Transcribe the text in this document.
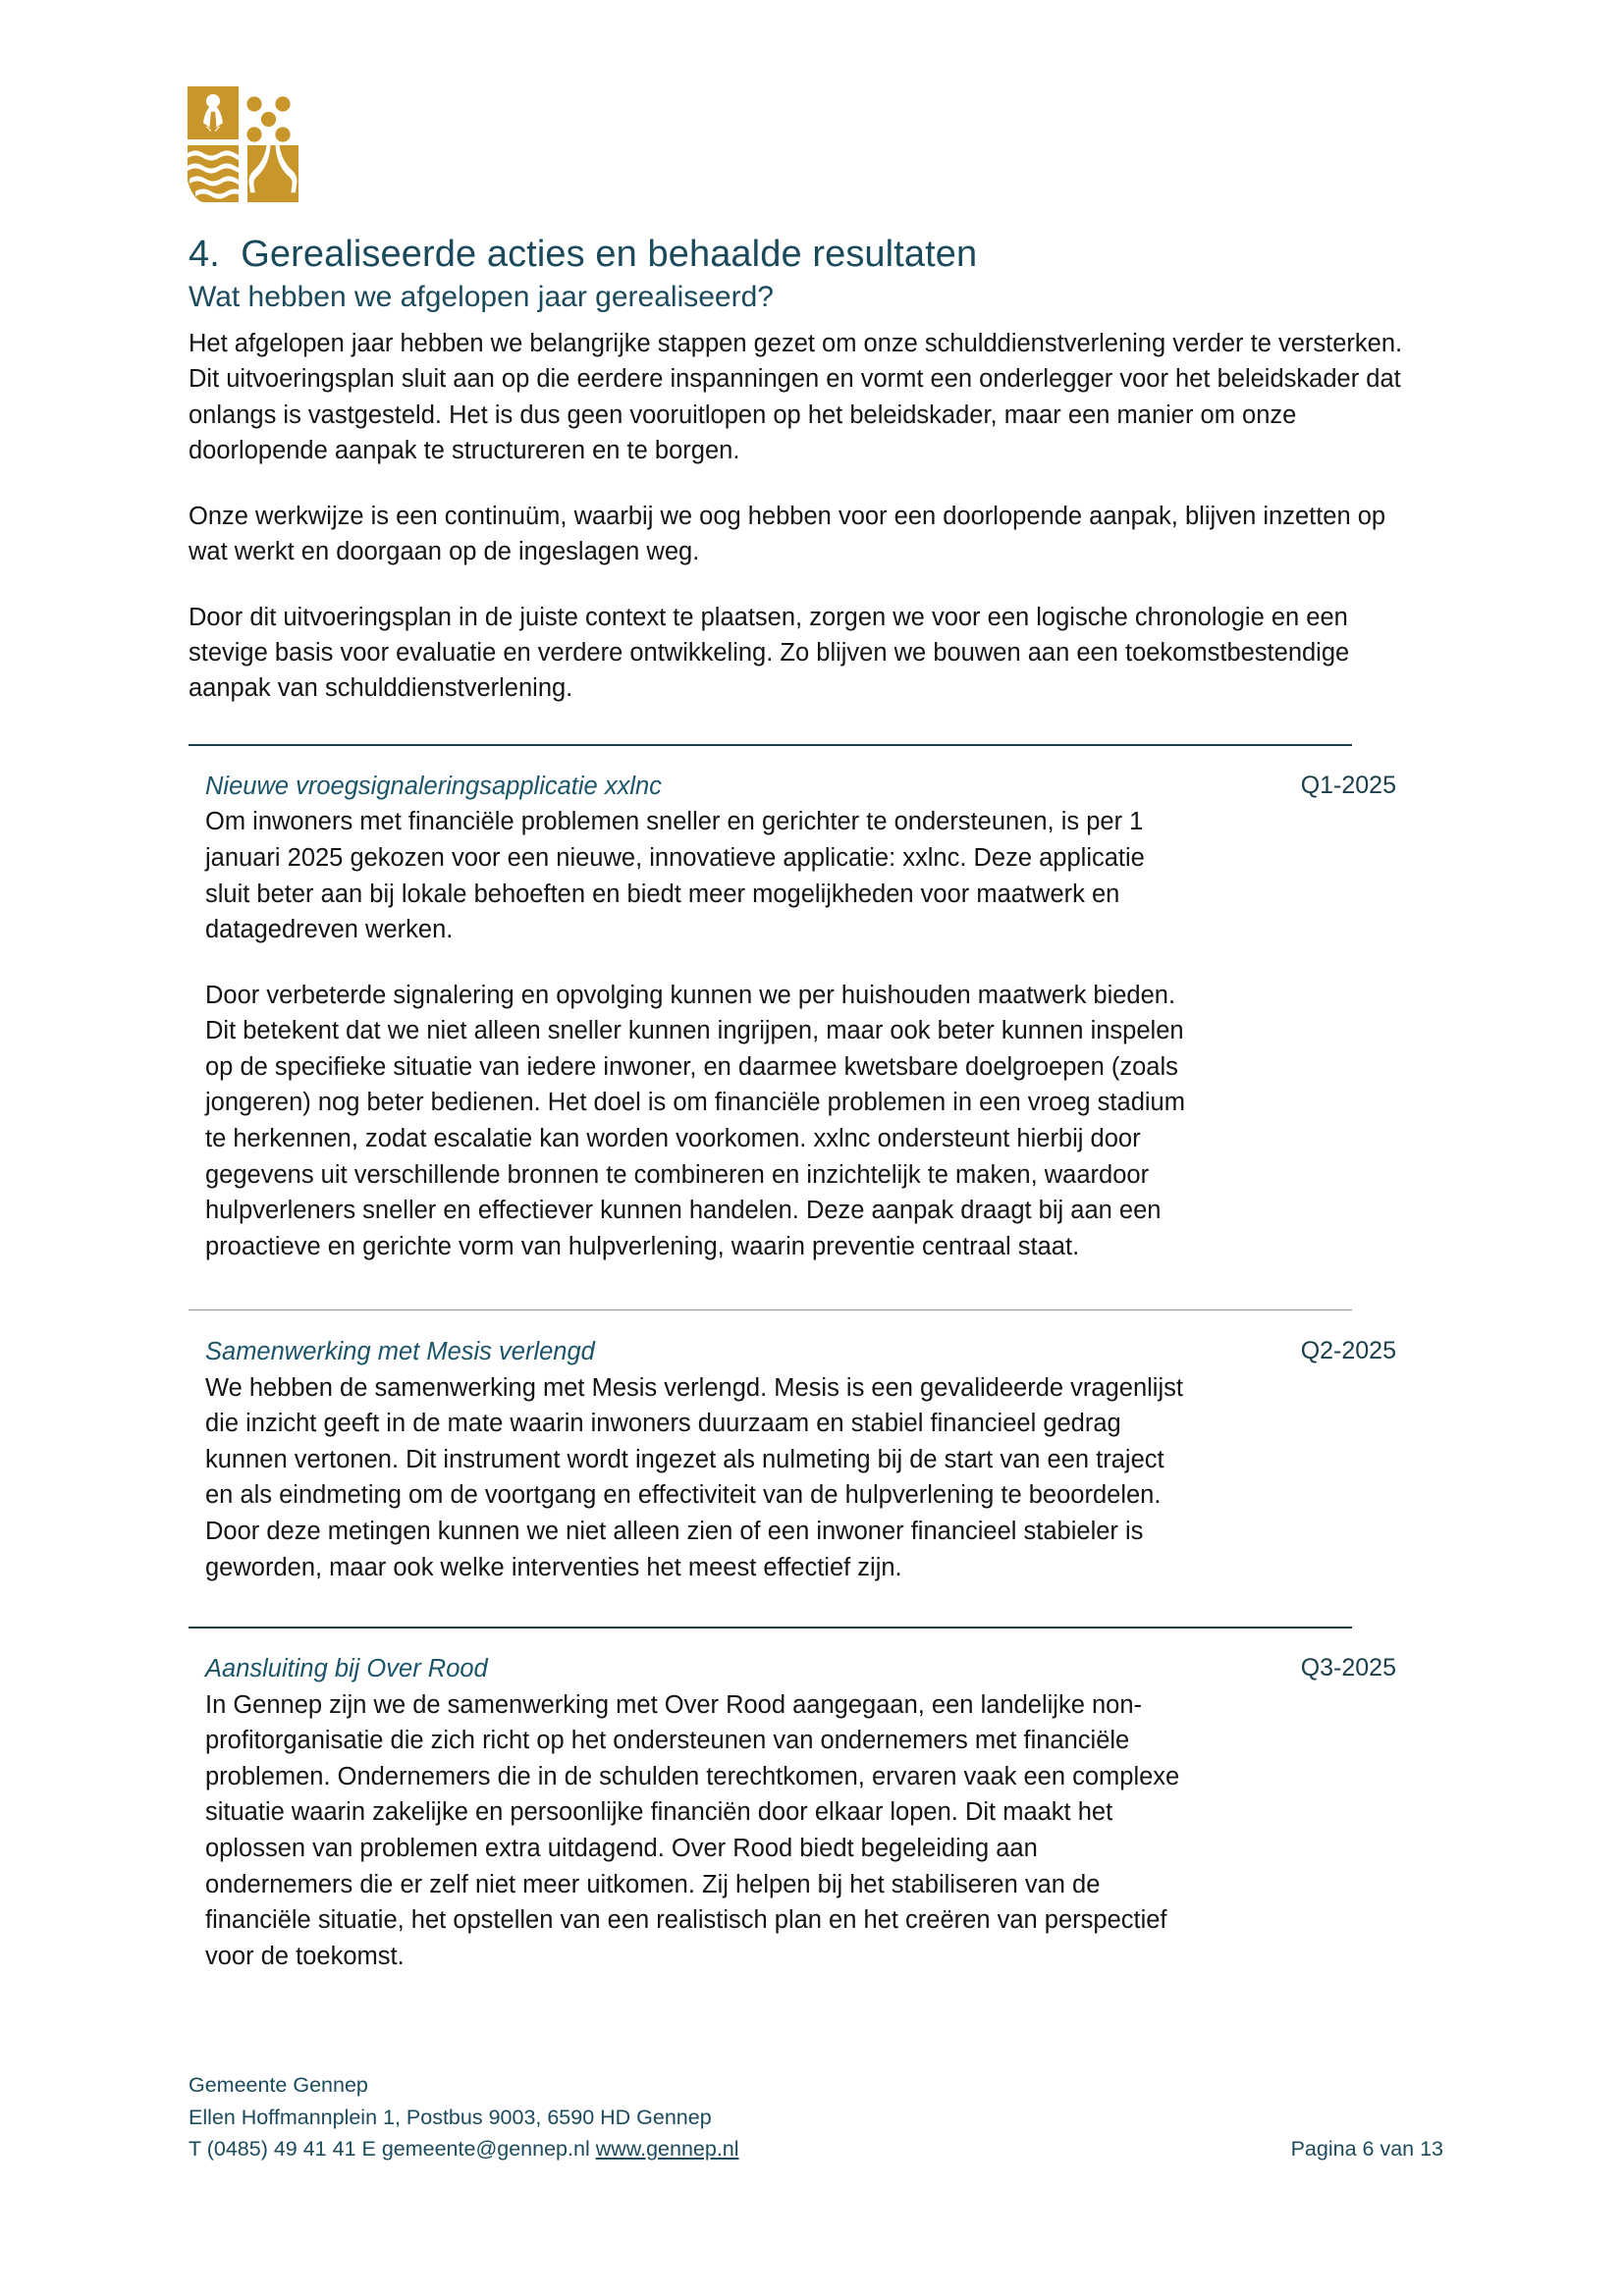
4.  Gerealiseerde acties en behaalde resultaten
Wat hebben we afgelopen jaar gerealiseerd?

Het afgelopen jaar hebben we belangrijke stappen gezet om onze schulddienstverlening verder te versterken. Dit uitvoeringsplan sluit aan op die eerdere inspanningen en vormt een onderlegger voor het beleidskader dat onlangs is vastgesteld. Het is dus geen vooruitlopen op het beleidskader, maar een manier om onze doorlopende aanpak te structureren en te borgen.

Onze werkwijze is een continuüm, waarbij we oog hebben voor een doorlopende aanpak, blijven inzetten op wat werkt en doorgaan op de ingeslagen weg.

Door dit uitvoeringsplan in de juiste context te plaatsen, zorgen we voor een logische chronologie en een stevige basis voor evaluatie en verdere ontwikkeling. Zo blijven we bouwen aan een toekomstbestendige aanpak van schulddienstverlening.

Nieuwe vroegsignaleringsapplicatie xxlnc	Q1-2025

Om inwoners met financiële problemen sneller en gerichter te ondersteunen, is per 1 januari 2025 gekozen voor een nieuwe, innovatieve applicatie: xxlnc. Deze applicatie sluit beter aan bij lokale behoeften en biedt meer mogelijkheden voor maatwerk en datagedreven werken.

Door verbeterde signalering en opvolging kunnen we per huishouden maatwerk bieden. Dit betekent dat we niet alleen sneller kunnen ingrijpen, maar ook beter kunnen inspelen op de specifieke situatie van iedere inwoner, en daarmee kwetsbare doelgroepen (zoals jongeren) nog beter bedienen. Het doel is om financiële problemen in een vroeg stadium te herkennen, zodat escalatie kan worden voorkomen. xxlnc ondersteunt hierbij door gegevens uit verschillende bronnen te combineren en inzichtelijk te maken, waardoor hulpverleners sneller en effectiever kunnen handelen. Deze aanpak draagt bij aan een proactieve en gerichte vorm van hulpverlening, waarin preventie centraal staat.

Samenwerking met Mesis verlengd	Q2-2025

We hebben de samenwerking met Mesis verlengd. Mesis is een gevalideerde vragenlijst die inzicht geeft in de mate waarin inwoners duurzaam en stabiel financieel gedrag kunnen vertonen. Dit instrument wordt ingezet als nulmeting bij de start van een traject en als eindmeting om de voortgang en effectiviteit van de hulpverlening te beoordelen. Door deze metingen kunnen we niet alleen zien of een inwoner financieel stabieler is geworden, maar ook welke interventies het meest effectief zijn.

Aansluiting bij Over Rood	Q3-2025

In Gennep zijn we de samenwerking met Over Rood aangegaan, een landelijke non-profitorganisatie die zich richt op het ondersteunen van ondernemers met financiële problemen. Ondernemers die in de schulden terechtkomen, ervaren vaak een complexe situatie waarin zakelijke en persoonlijke financiën door elkaar lopen. Dit maakt het oplossen van problemen extra uitdagend. Over Rood biedt begeleiding aan ondernemers die er zelf niet meer uitkomen. Zij helpen bij het stabiliseren van de financiële situatie, het opstellen van een realistisch plan en het creëren van perspectief voor de toekomst.

Gemeente Gennep
Ellen Hoffmannplein 1, Postbus 9003, 6590 HD Gennep
T (0485) 49 41 41 E gemeente@gennep.nl www.gennep.nl	Pagina 6 van 13
